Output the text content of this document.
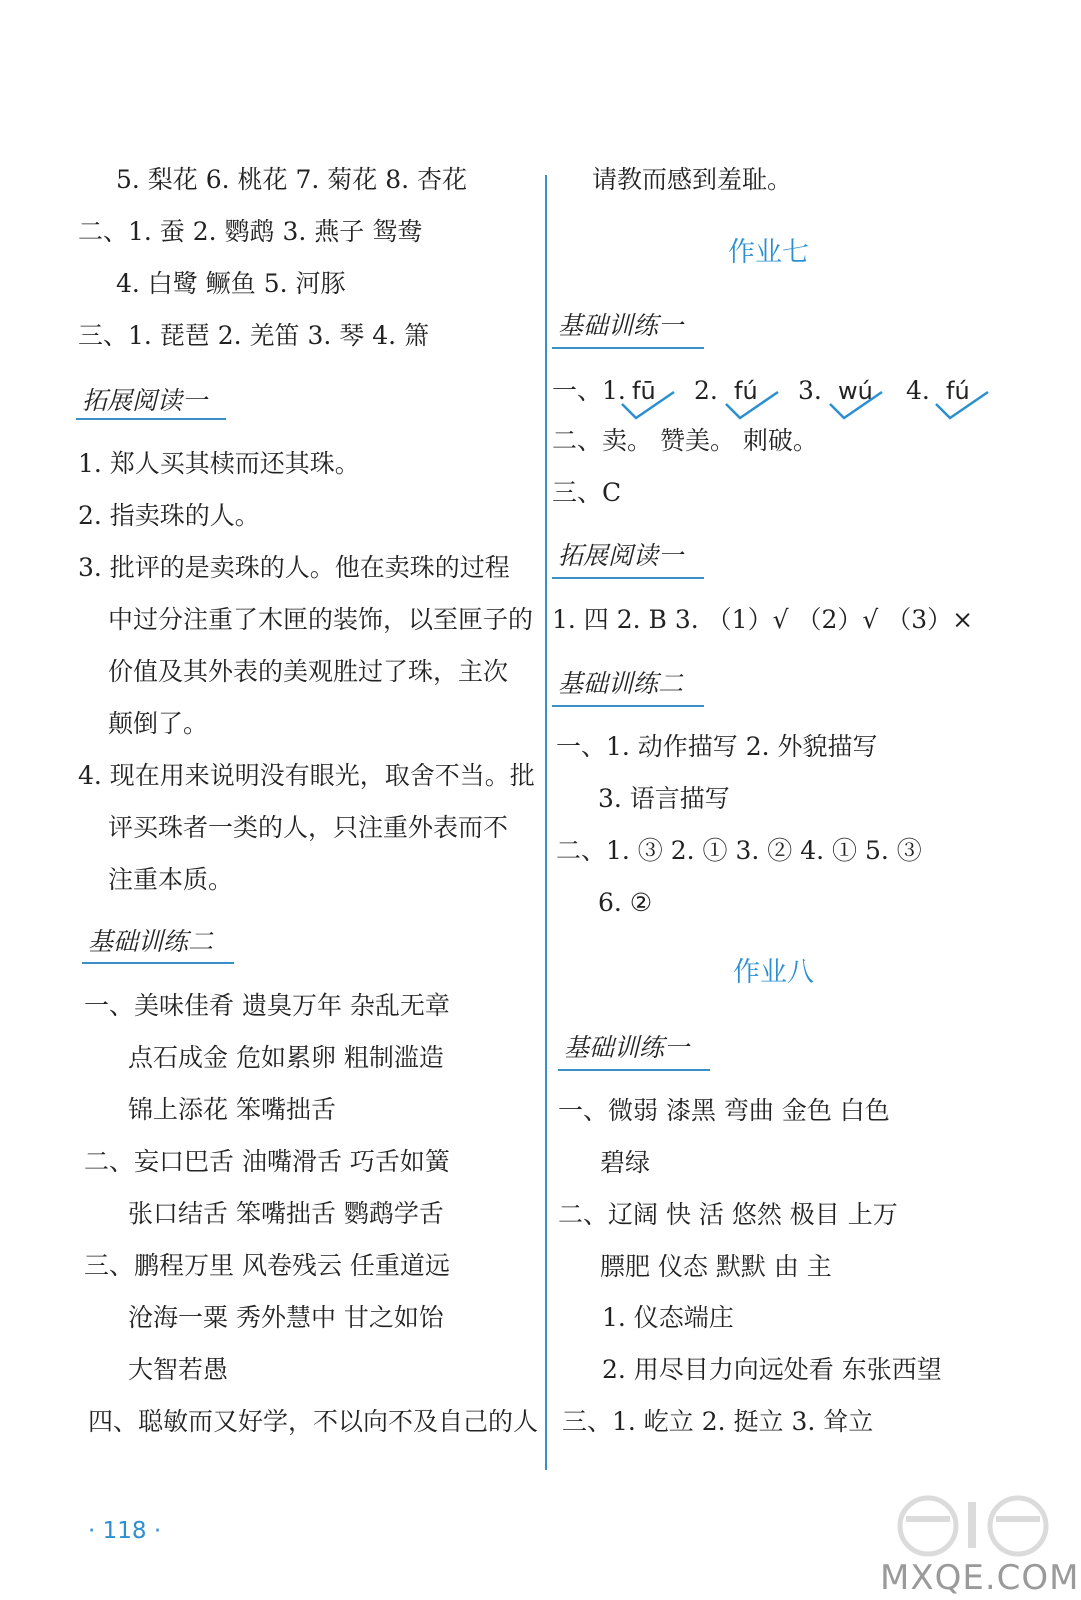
5. 梨花 6. 桃花 7. 菊花 8. 杏花
二、1. 蚕 2. 鹦鹉 3. 燕子 鸳鸯
4. 白鹭 鳜鱼 5. 河豚
三、1. 琵琶 2. 羌笛 3. 琴 4. 箫
拓展阅读一
1. 郑人买其椟而还其珠。
2. 指卖珠的人。
3. 批评的是卖珠的人。他在卖珠的过程
中过分注重了木匣的装饰，以至匣子的
价值及其外表的美观胜过了珠，主次
颠倒了。
4. 现在用来说明没有眼光，取舍不当。批
评买珠者一类的人，只注重外表而不
注重本质。
基础训练二
一、美味佳肴 遗臭万年 杂乱无章
点石成金 危如累卵 粗制滥造
锦上添花 笨嘴拙舌
二、妄口巴舌 油嘴滑舌 巧舌如簧
张口结舌 笨嘴拙舌 鹦鹉学舌
三、鹏程万里 风卷残云 任重道远
沧海一粟 秀外慧中 甘之如饴
大智若愚
四、聪敏而又好学，不以向不及自己的人
请教而感到羞耻。
作业七
基础训练一
一、1. fū 2. fú 3. wú 4. fú
二、卖。 赞美。 刺破。
三、C
拓展阅读一
1. 四 2. B 3. （1）√ （2）√ （3）×
基础训练二
一、1. 动作描写 2. 外貌描写
3. 语言描写
二、1. ③ 2. ① 3. ② 4. ① 5. ③
6. ②
作业八
基础训练一
一、微弱 漆黑 弯曲 金色 白色
碧绿
二、辽阔 快 活 悠然 极目 上万
膘肥 仪态 默默 由 主
1. 仪态端庄
2. 用尽目力向远处看 东张西望
三、1. 屹立 2. 挺立 3. 耸立
· 118 ·
MXQE.COM
